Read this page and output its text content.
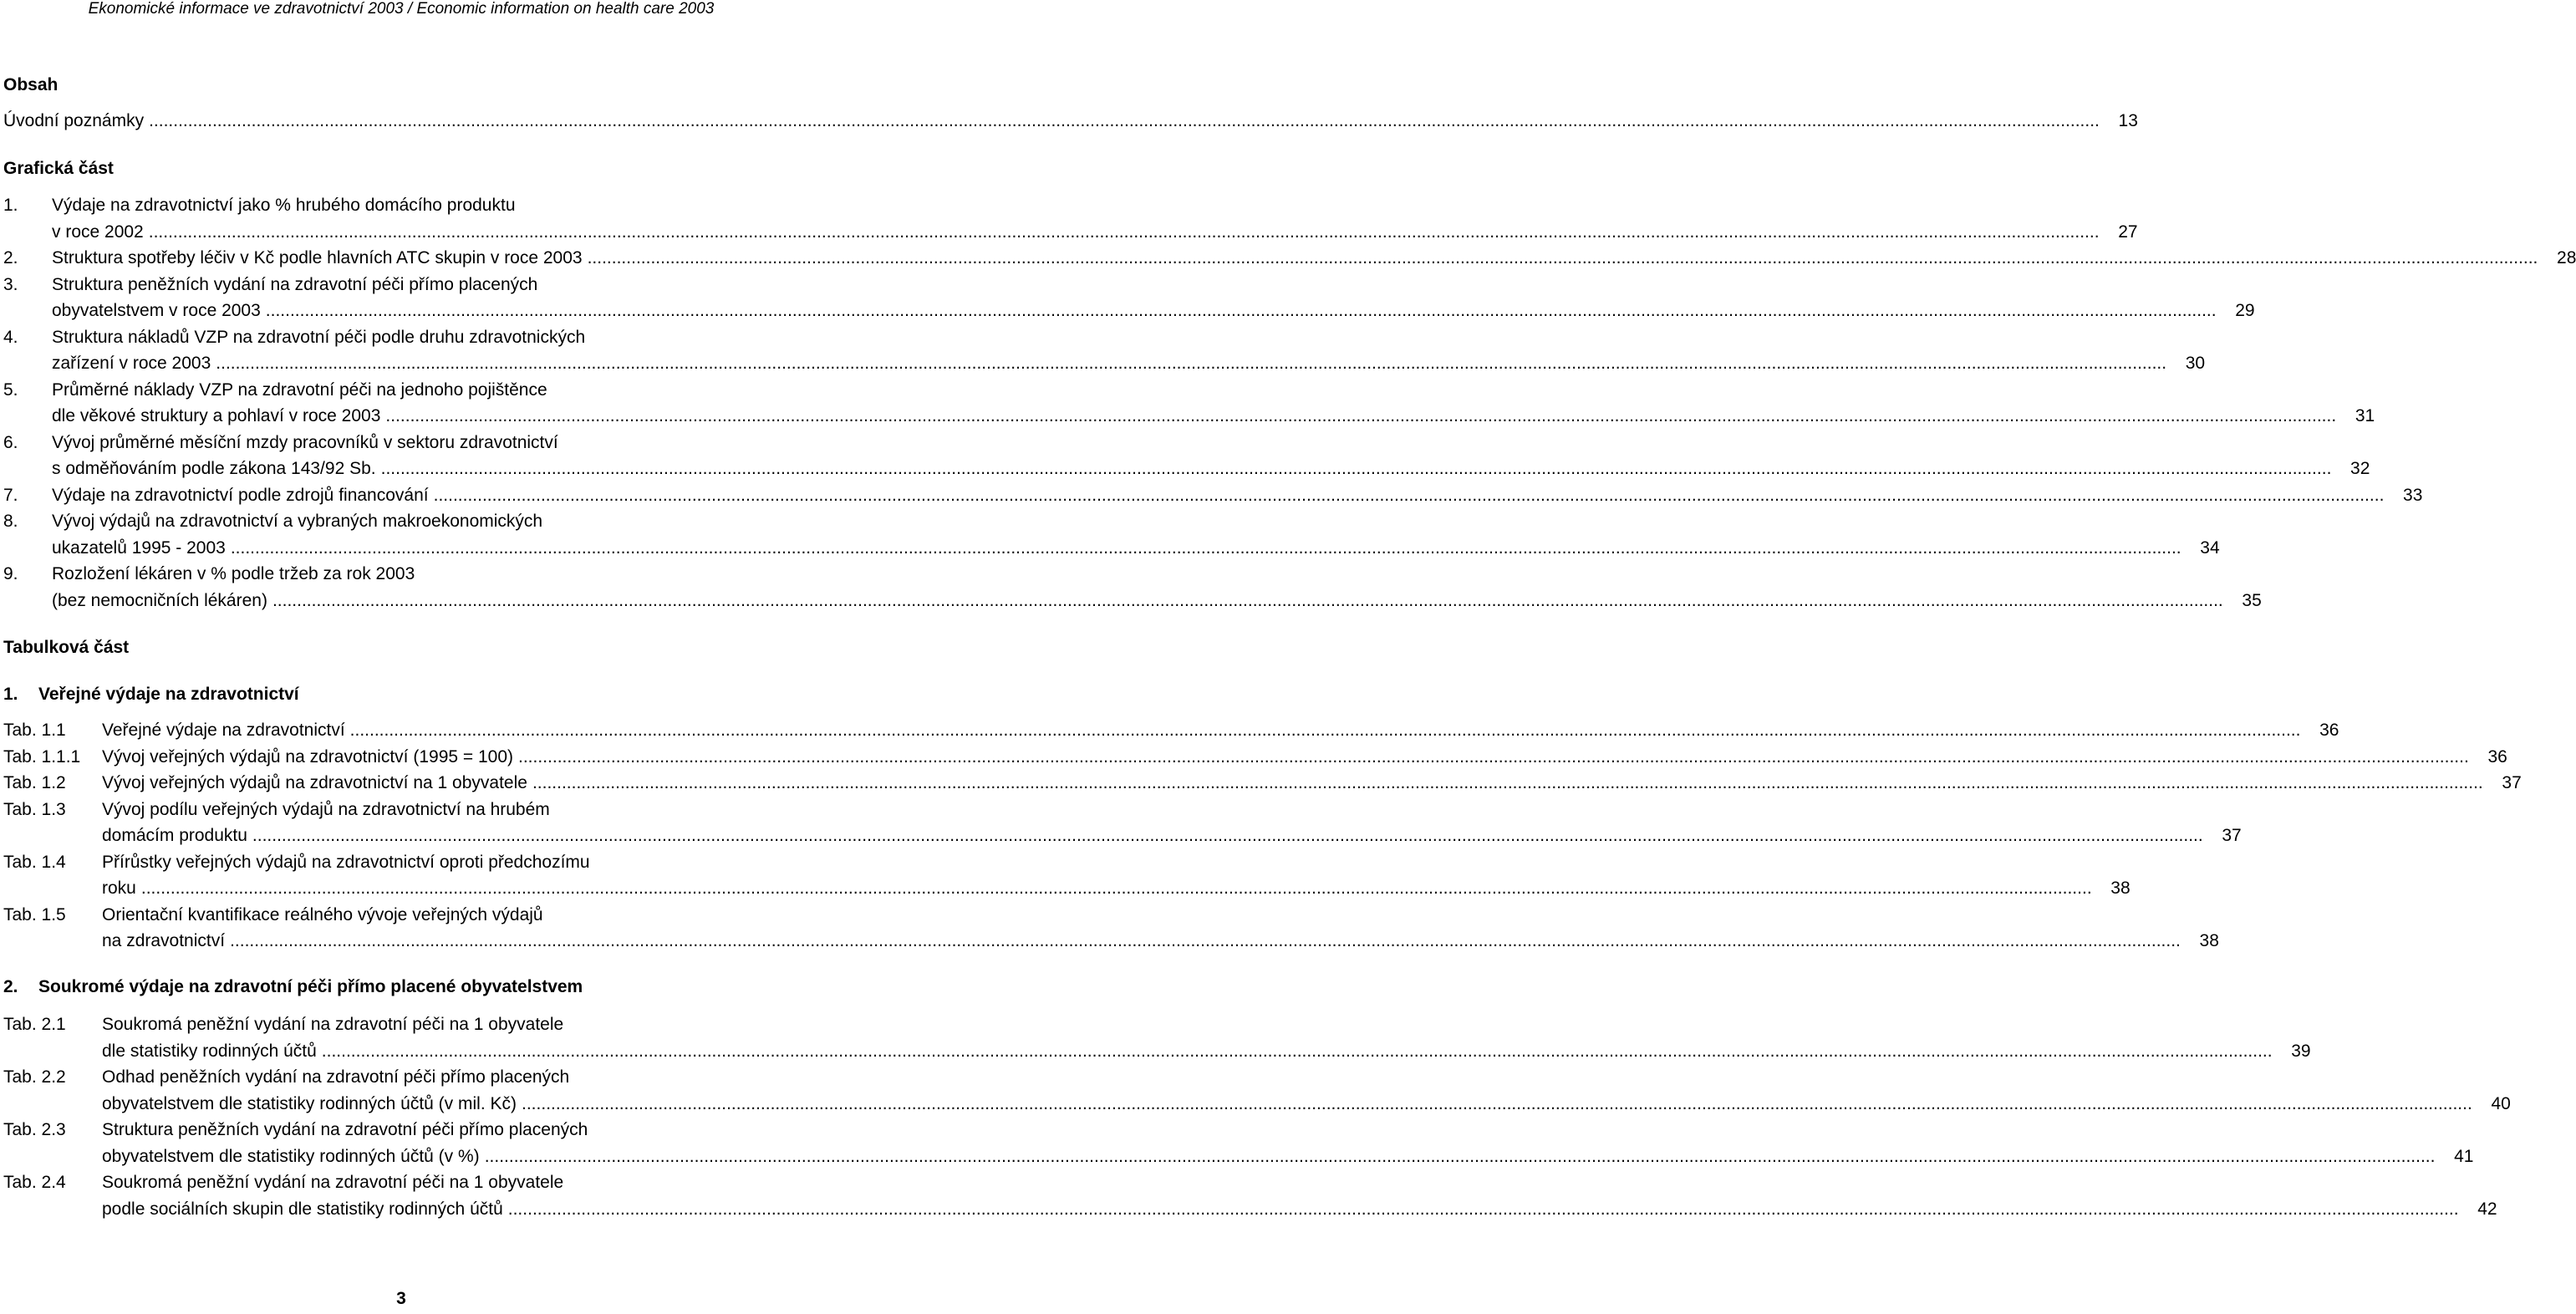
Ekonomické informace ve zdravotnictví 2003 / Economic information on health care 2003
Obsah
Úvodní poznámky ................................................................................................................................................................................................................................................................................................................................................................................................................	13
Grafická část
1. Výdaje na zdravotnictví jako % hrubého domácího produktu
v roce 2002 ................................................................................................................................................................................................................................................................................................................................................................................................................	27
2. Struktura spotřeby léčiv v Kč podle hlavních ATC skupin v roce 2003 ................................................................................................................................................................................................................................................................................................................................................................................................................	28
3. Struktura peněžních vydání na zdravotní péči přímo placených
obyvatelstvem v roce 2003 ................................................................................................................................................................................................................................................................................................................................................................................................................	29
4. Struktura nákladů VZP na zdravotní péči podle druhu zdravotnických
zařízení v roce 2003 ................................................................................................................................................................................................................................................................................................................................................................................................................	30
5. Průměrné náklady VZP na zdravotní péči na jednoho pojištěnce
dle věkové struktury a pohlaví v roce 2003 ................................................................................................................................................................................................................................................................................................................................................................................................................	31
6. Vývoj průměrné měsíční mzdy pracovníků v sektoru zdravotnictví
s odměňováním podle zákona 143/92 Sb. ................................................................................................................................................................................................................................................................................................................................................................................................................	32
7. Výdaje na zdravotnictví podle zdrojů financování ................................................................................................................................................................................................................................................................................................................................................................................................................	33
8. Vývoj výdajů na zdravotnictví a vybraných makroekonomických
ukazatelů 1995 - 2003 ................................................................................................................................................................................................................................................................................................................................................................................................................	34
9. Rozložení lékáren v % podle tržeb za rok 2003
(bez nemocničních lékáren) ................................................................................................................................................................................................................................................................................................................................................................................................................	35
Tabulková část
1. Veřejné výdaje na zdravotnictví
Tab. 1.1 Veřejné výdaje na zdravotnictví ................................................................................................................................................................................................................................................................................................................................................................................................................	36
Tab. 1.1.1 Vývoj veřejných výdajů na zdravotnictví (1995 = 100) ................................................................................................................................................................................................................................................................................................................................................................................................................	36
Tab. 1.2 Vývoj veřejných výdajů na zdravotnictví na 1 obyvatele ................................................................................................................................................................................................................................................................................................................................................................................................................	37
Tab. 1.3 Vývoj podílu veřejných výdajů na zdravotnictví na hrubém
domácím produktu ................................................................................................................................................................................................................................................................................................................................................................................................................	37
Tab. 1.4 Přírůstky veřejných výdajů na zdravotnictví oproti předchozímu
roku ................................................................................................................................................................................................................................................................................................................................................................................................................	38
Tab. 1.5 Orientační kvantifikace reálného vývoje veřejných výdajů
na zdravotnictví ................................................................................................................................................................................................................................................................................................................................................................................................................	38
2. Soukromé výdaje na zdravotní péči přímo placené obyvatelstvem
Tab. 2.1 Soukromá peněžní vydání na zdravotní péči na 1 obyvatele
dle statistiky rodinných účtů ................................................................................................................................................................................................................................................................................................................................................................................................................	39
Tab. 2.2 Odhad peněžních vydání na zdravotní péči přímo placených
obyvatelstvem dle statistiky rodinných účtů (v mil. Kč) ................................................................................................................................................................................................................................................................................................................................................................................................................	40
Tab. 2.3 Struktura peněžních vydání na zdravotní péči přímo placených
obyvatelstvem dle statistiky rodinných účtů (v %) ................................................................................................................................................................................................................................................................................................................................................................................................................	41
Tab. 2.4 Soukromá peněžní vydání na zdravotní péči na 1 obyvatele
podle sociálních skupin dle statistiky rodinných účtů ................................................................................................................................................................................................................................................................................................................................................................................................................	42
3
